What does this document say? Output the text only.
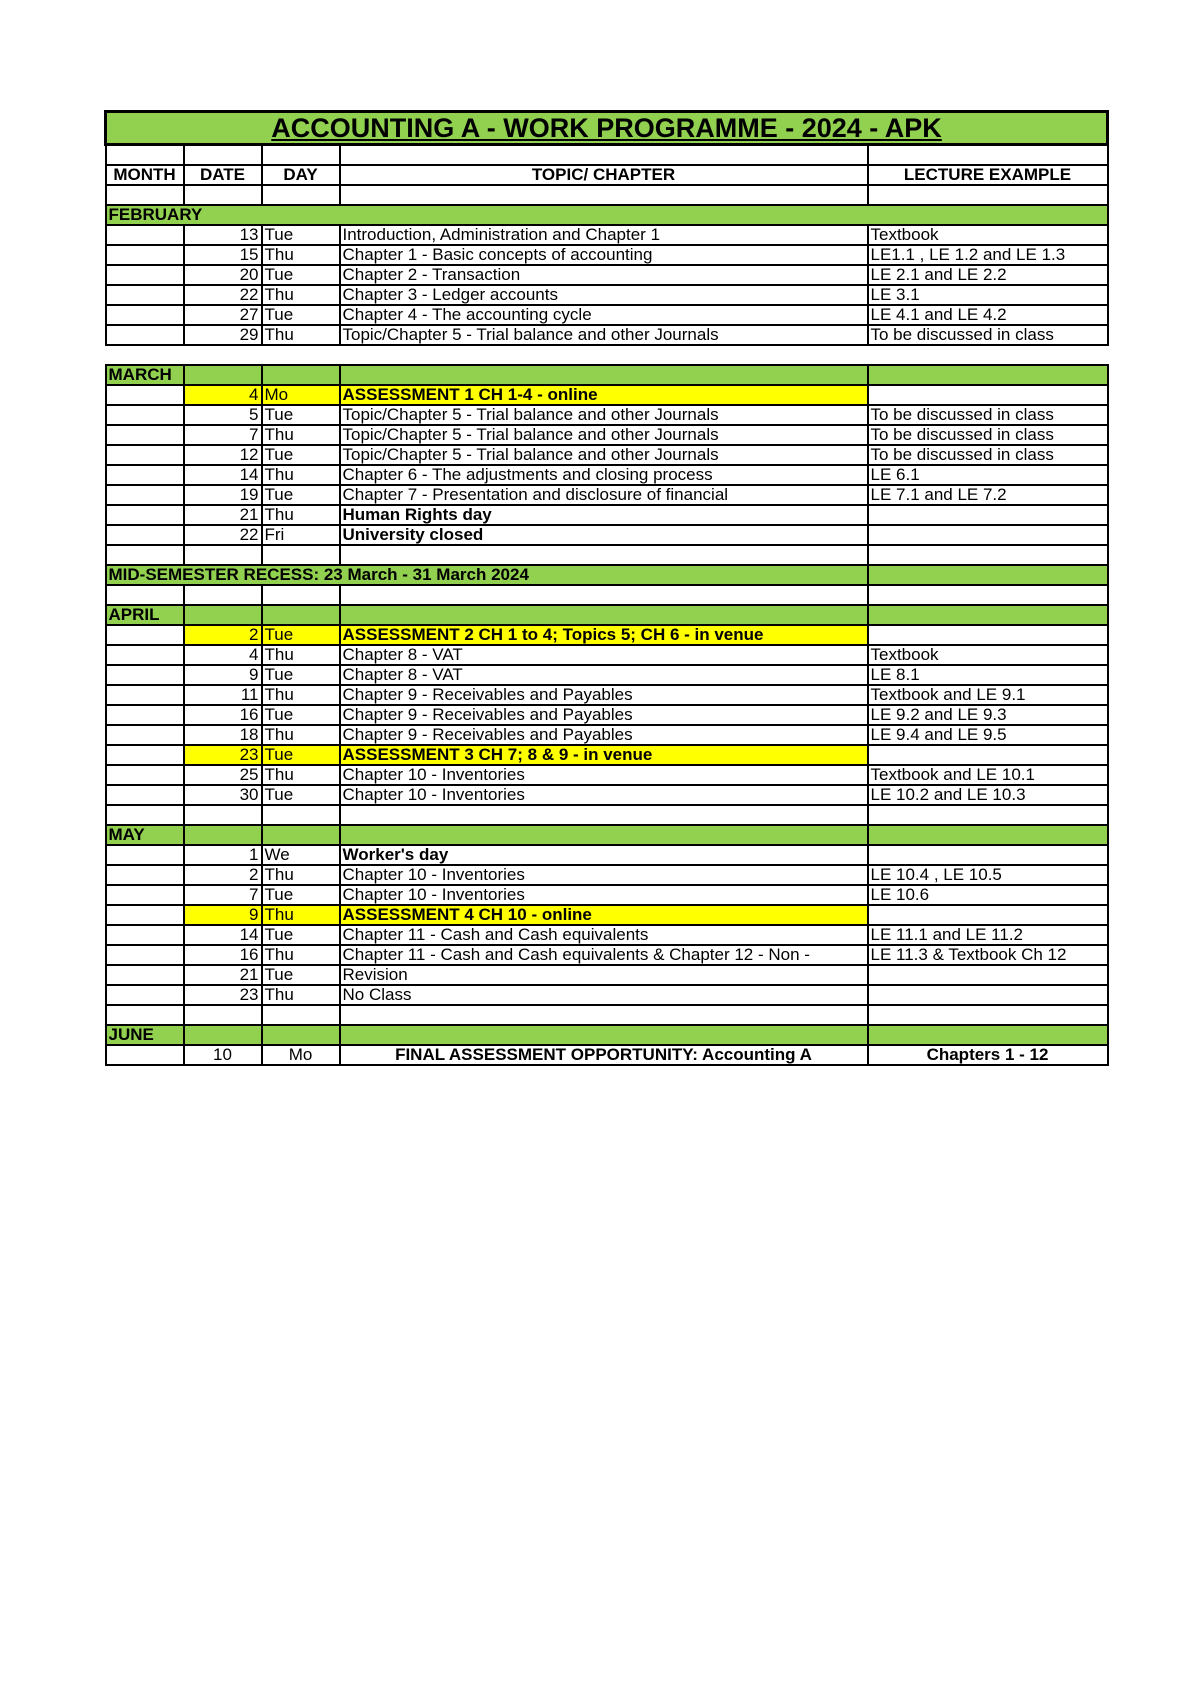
ACCOUNTING A - WORK PROGRAMME - 2024 - APK				

MONTH	DATE	DAY	TOPIC/ CHAPTER	LECTURE EXAMPLE

FEBRUARY				
	13	Tue	Introduction, Administration and Chapter 1	Textbook
	15	Thu	Chapter 1 - Basic concepts of accounting	LE1.1 , LE 1.2 and LE 1.3
	20	Tue	Chapter 2 - Transaction	LE 2.1 and LE 2.2
	22	Thu	Chapter 3 - Ledger accounts	LE 3.1
	27	Tue	Chapter 4 - The accounting cycle	LE 4.1 and LE 4.2
	29	Thu	Topic/Chapter 5 - Trial balance and other Journals	To be discussed in class

MARCH				
	4	Mo	ASSESSMENT 1 CH 1-4 - online	
	5	Tue	Topic/Chapter 5 - Trial balance and other Journals	To be discussed in class
	7	Thu	Topic/Chapter 5 - Trial balance and other Journals	To be discussed in class
	12	Tue	Topic/Chapter 5 - Trial balance and other Journals	To be discussed in class
	14	Thu	Chapter 6 - The adjustments and closing process	LE 6.1
	19	Tue	Chapter 7 - Presentation and disclosure of financial	LE 7.1 and LE 7.2
	21	Thu	Human Rights day	
	22	Fri	University closed	

MID-SEMESTER RECESS: 23 March - 31 March 2024				

APRIL				
	2	Tue	ASSESSMENT 2 CH 1 to 4; Topics 5; CH 6 - in venue	
	4	Thu	Chapter 8 - VAT	Textbook
	9	Tue	Chapter 8 - VAT	LE 8.1
	11	Thu	Chapter 9 - Receivables and Payables	Textbook and LE 9.1
	16	Tue	Chapter 9 - Receivables and Payables	LE 9.2 and LE 9.3
	18	Thu	Chapter 9 - Receivables and Payables	LE 9.4 and LE 9.5
	23	Tue	ASSESSMENT 3 CH 7; 8 & 9 - in venue	
	25	Thu	Chapter 10 - Inventories	Textbook and LE 10.1
	30	Tue	Chapter 10 - Inventories	LE 10.2 and LE 10.3

MAY				
	1	We	Worker's day	
	2	Thu	Chapter 10 - Inventories	LE 10.4 , LE 10.5
	7	Tue	Chapter 10 - Inventories	LE 10.6
	9	Thu	ASSESSMENT 4 CH 10 - online	
	14	Tue	Chapter 11 - Cash and Cash equivalents	LE 11.1 and LE 11.2
	16	Thu	Chapter 11 - Cash and Cash equivalents & Chapter 12 - Non -	LE 11.3 & Textbook Ch 12
	21	Tue	Revision	
	23	Thu	No Class	

JUNE				
	10	Mo	FINAL ASSESSMENT OPPORTUNITY: Accounting A	Chapters 1 - 12
